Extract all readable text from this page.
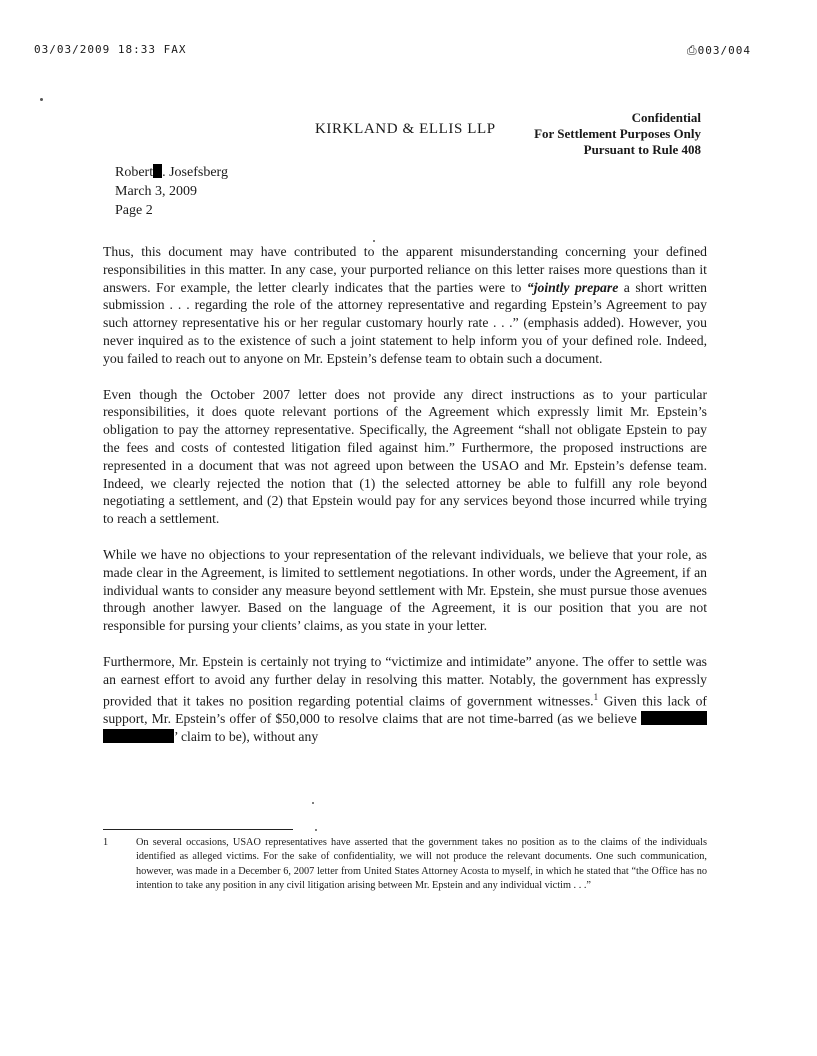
03/03/2009 18:33 FAX	⎙003/004
KIRKLAND & ELLIS LLP
Confidential
For Settlement Purposes Only
Pursuant to Rule 408
Robert . Josefsberg
March 3, 2009
Page 2

Thus, this document may have contributed to the apparent misunderstanding concerning your defined responsibilities in this matter. In any case, your purported reliance on this letter raises more questions than it answers. For example, the letter clearly indicates that the parties were to “jointly prepare a short written submission . . . regarding the role of the attorney representative and regarding Epstein’s Agreement to pay such attorney representative his or her regular customary hourly rate . . .” (emphasis added). However, you never inquired as to the existence of such a joint statement to help inform you of your defined role. Indeed, you failed to reach out to anyone on Mr. Epstein’s defense team to obtain such a document.

Even though the October 2007 letter does not provide any direct instructions as to your particular responsibilities, it does quote relevant portions of the Agreement which expressly limit Mr. Epstein’s obligation to pay the attorney representative. Specifically, the Agreement “shall not obligate Epstein to pay the fees and costs of contested litigation filed against him.” Furthermore, the proposed instructions are represented in a document that was not agreed upon between the USAO and Mr. Epstein’s defense team. Indeed, we clearly rejected the notion that (1) the selected attorney be able to fulfill any role beyond negotiating a settlement, and (2) that Epstein would pay for any services beyond those incurred while trying to reach a settlement.

While we have no objections to your representation of the relevant individuals, we believe that your role, as made clear in the Agreement, is limited to settlement negotiations. In other words, under the Agreement, if an individual wants to consider any measure beyond settlement with Mr. Epstein, she must pursue those avenues through another lawyer. Based on the language of the Agreement, it is our position that you are not responsible for pursing your clients’ claims, as you state in your letter.

Furthermore, Mr. Epstein is certainly not trying to “victimize and intimidate” anyone. The offer to settle was an earnest effort to avoid any further delay in resolving this matter. Notably, the government has expressly provided that it takes no position regarding potential claims of government witnesses.$^1$ Given this lack of support, Mr. Epstein’s offer of $50,000 to resolve claims that are not time-barred (as we believe  ’ claim to be), without any

1	On several occasions, USAO representatives have asserted that the government takes no position as to the claims of the individuals identified as alleged victims. For the sake of confidentiality, we will not produce the relevant documents. One such communication, however, was made in a December 6, 2007 letter from United States Attorney Acosta to myself, in which he stated that “the Office has no intention to take any position in any civil litigation arising between Mr. Epstein and any individual victim . . .”
